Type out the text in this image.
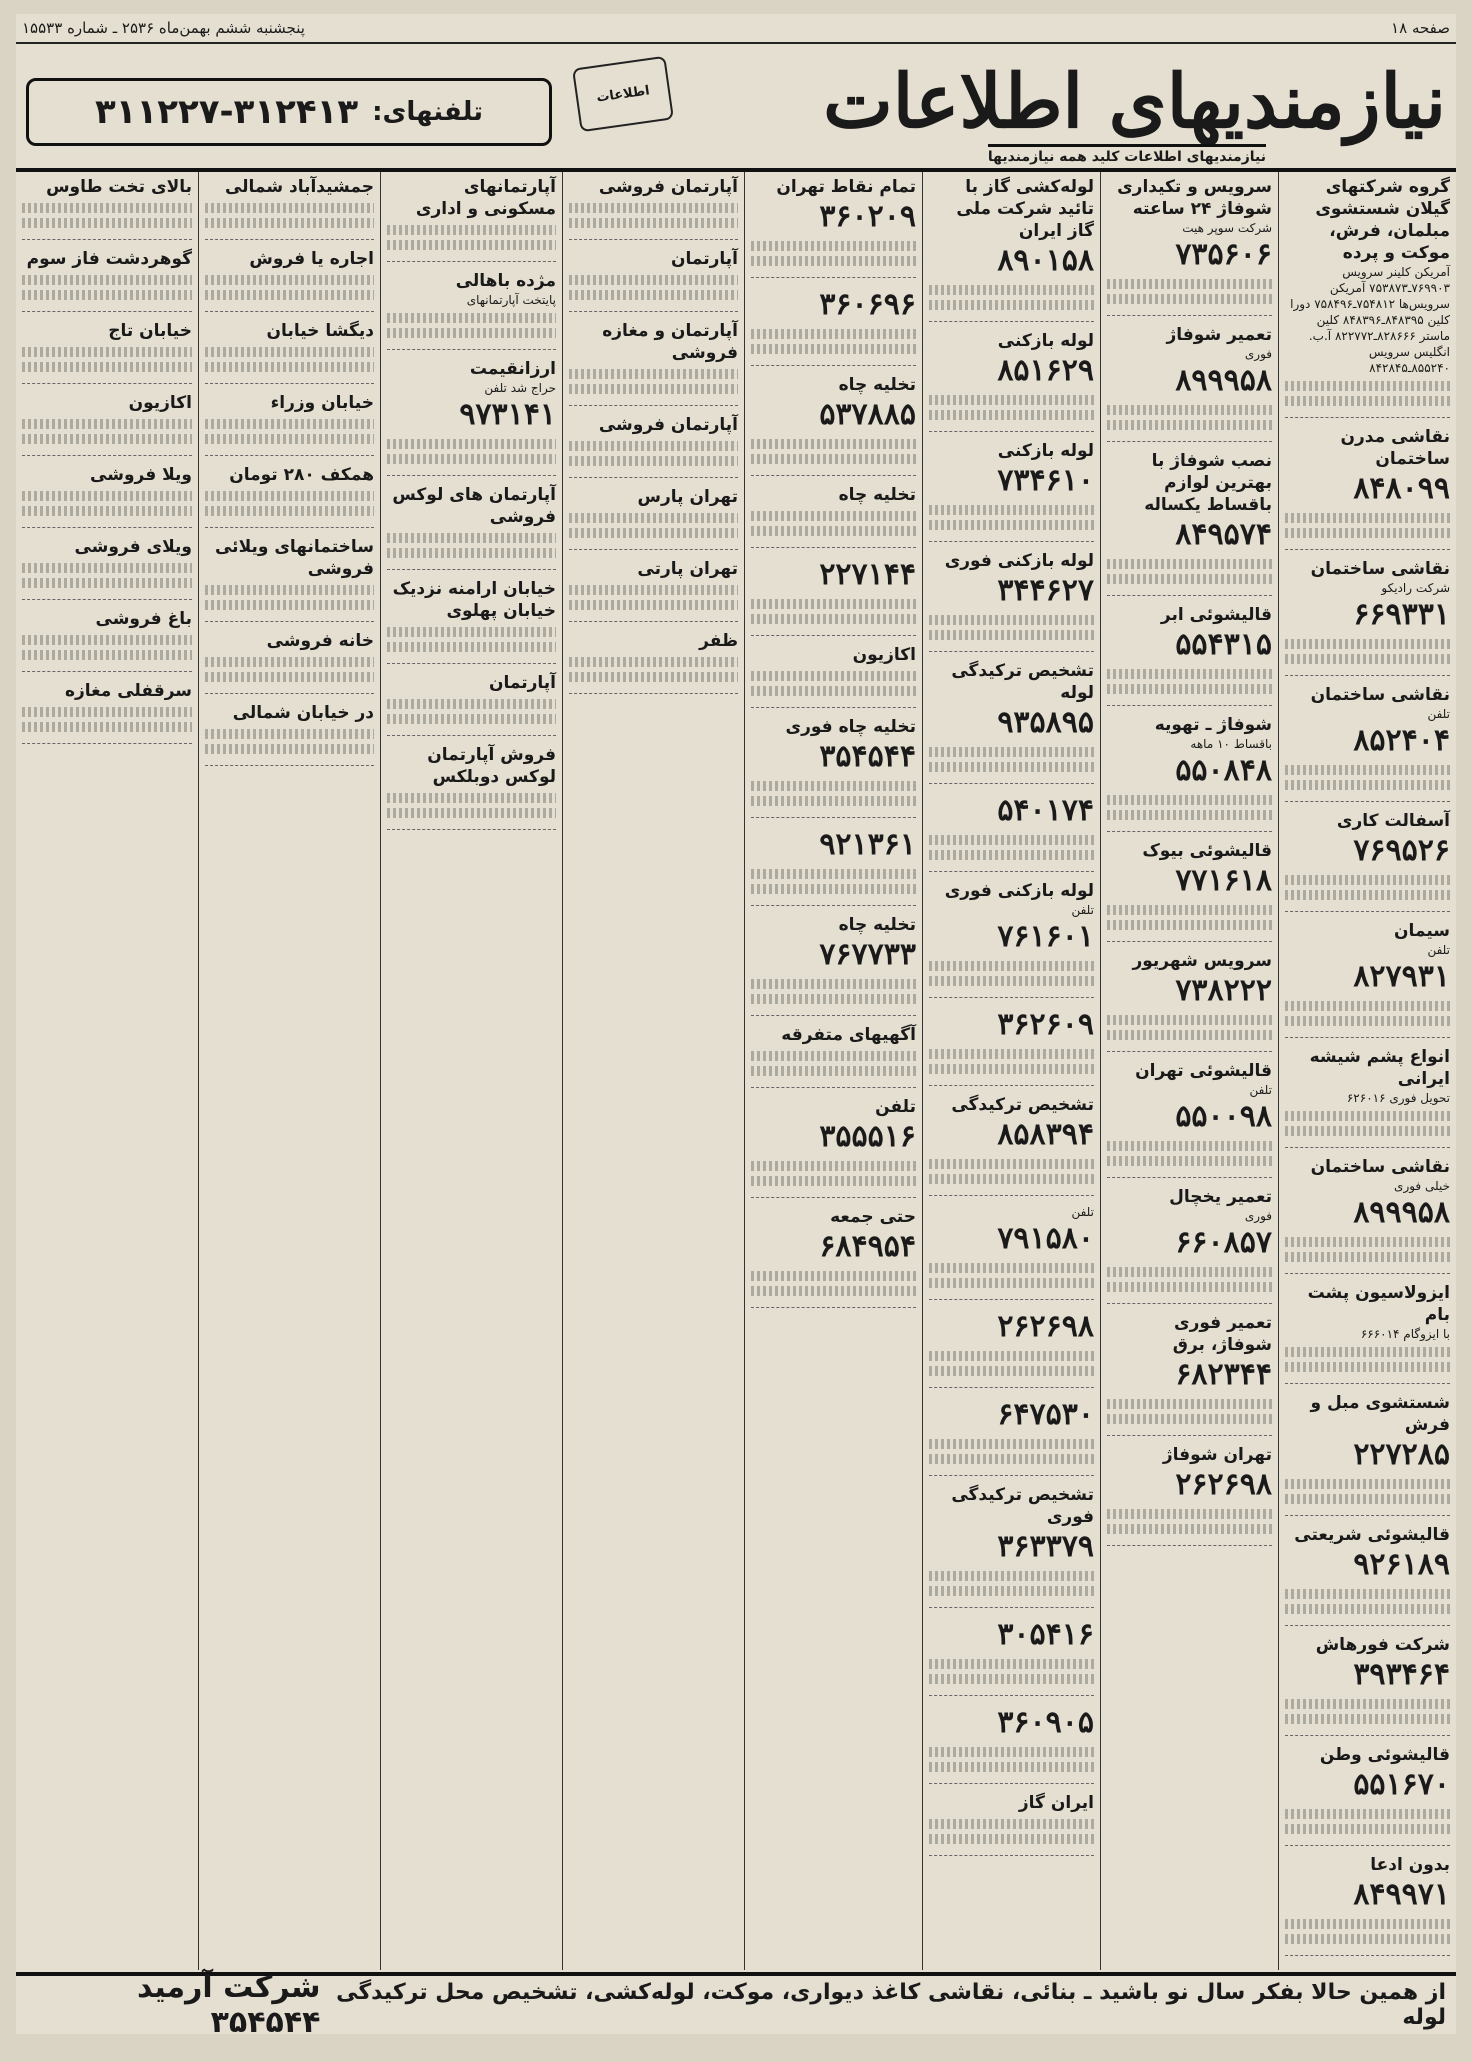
صفحه ۱۸
پنجشنبه ششم بهمن‌ماه ۲۵۳۶ ـ شماره ۱۵۵۳۳
نیازمندیهای اطلاعات
نیازمندیهای اطلاعات کلید همه نیازمندیها
اطلاعات
تلفنهای:
۳۱۱۲۲۷-۳۱۲۴۱۳
گروه شرکتهای گیلان شستشوی مبلمان، فرش، موکت و پرده
آمریکن کلینر سرویس ۷۶۹۹۰۳ـ۷۵۳۸۷۳ آمریکن سرویس‌ها ۷۵۴۸۱۲ـ۷۵۸۴۹۶ دورا کلین ۸۴۸۳۹۵ـ۸۴۸۳۹۶ کلین ماستر ۸۲۸۶۶۶ـ۸۲۲۷۷۲ آ.ب. انگلیس سرویس ۸۵۵۲۴۰ـ۸۴۲۸۴۵
نقاشی مدرن ساختمان
۸۴۸۰۹۹
نقاشی ساختمان
شرکت رادیکو
۶۶۹۳۳۱
نقاشی ساختمان
تلفن
۸۵۲۴۰۴
آسفالت کاری
۷۶۹۵۲۶
سیمان
تلفن
۸۲۷۹۳۱
انواع پشم شیشه ایرانی
تحویل فوری ۶۲۶۰۱۶
نقاشی ساختمان
خیلی فوری
۸۹۹۹۵۸
ایزولاسیون پشت بام
با ایزوگام ۶۶۶۰۱۴
شستشوی مبل و فرش
۲۲۷۲۸۵
قالیشوئی شریعتی
۹۲۶۱۸۹
شرکت فورهاش
۳۹۳۴۶۴
قالیشوئی وطن
۵۵۱۶۷۰
بدون ادعا
۸۴۹۹۷۱
سرویس و تکیداری شوفاژ ۲۴ ساعته
شرکت سوپر هیت
۷۳۵۶۰۶
تعمیر شوفاژ
فوری
۸۹۹۹۵۸
نصب شوفاژ با بهترین لوازم باقساط یکساله
۸۴۹۵۷۴
قالیشوئی ابر
۵۵۴۳۱۵
شوفاژ ـ تهویه
باقساط ۱۰ ماهه
۵۵۰۸۴۸
قالیشوئی بیوک
۷۷۱۶۱۸
سرویس شهریور
۷۳۸۲۲۲
قالیشوئی تهران
تلفن
۵۵۰۰۹۸
تعمیر یخچال
فوری
۶۶۰۸۵۷
تعمیر فوری شوفاژ، برق
۶۸۲۳۴۴
تهران شوفاژ
۲۶۲۶۹۸
لوله‌کشی گاز با تائید شرکت ملی گاز ایران
۸۹۰۱۵۸
لوله بازکنی
۸۵۱۶۲۹
لوله بازکنی
۷۳۴۶۱۰
لوله بازکنی فوری
۳۴۴۶۲۷
تشخیص ترکیدگی لوله
۹۳۵۸۹۵
۵۴۰۱۷۴
لوله بازکنی فوری
تلفن
۷۶۱۶۰۱
۳۶۲۶۰۹
تشخیص ترکیدگی
۸۵۸۳۹۴
تلفن
۷۹۱۵۸۰
۲۶۲۶۹۸
۶۴۷۵۳۰
تشخیص ترکیدگی فوری
۳۶۳۳۷۹
۳۰۵۴۱۶
۳۶۰۹۰۵
ایران گاز
تمام نقاط تهران
۳۶۰۲۰۹
۳۶۰۶۹۶
تخلیه چاه
۵۳۷۸۸۵
تخلیه چاه
۲۲۷۱۴۴
اکازیون
تخلیه چاه فوری
۳۵۴۵۴۴
۹۲۱۳۶۱
تخلیه چاه
۷۶۷۷۳۳
آگهیهای متفرقه
تلفن
۳۵۵۵۱۶
حتی جمعه
۶۸۴۹۵۴
آپارتمان فروشی
آپارتمان
آپارتمان و مغازه فروشی
آپارتمان فروشی
تهران پارس
تهران پارتی
ظفر
آپارتمانهای مسکونی و اداری
مژده باهالی
پایتخت آپارتمانهای
ارزانقیمت
حراج شد تلفن
۹۷۳۱۴۱
آپارتمان های لوکس فروشی
خیابان ارامنه نزدیک خیابان پهلوی
آپارتمان
فروش آپارتمان لوکس دوبلکس
جمشیدآباد شمالی
اجاره یا فروش
دیگشا خیابان
خیابان وزراء
همکف ۲۸۰ تومان
ساختمانهای ویلائی فروشی
خانه فروشی
در خیابان شمالی
بالای تخت طاوس
گوهردشت فاز سوم
خیابان تاج
اکازیون
ویلا فروشی
ویلای فروشی
باغ فروشی
سرقفلی مغازه
از همین حالا بفکر سال نو باشید ـ بنائی، نقاشی کاغذ دیواری، موکت، لوله‌کشی، تشخیص محل ترکیدگی لوله
شرکت آرمید ۳۵۴۵۴۴
